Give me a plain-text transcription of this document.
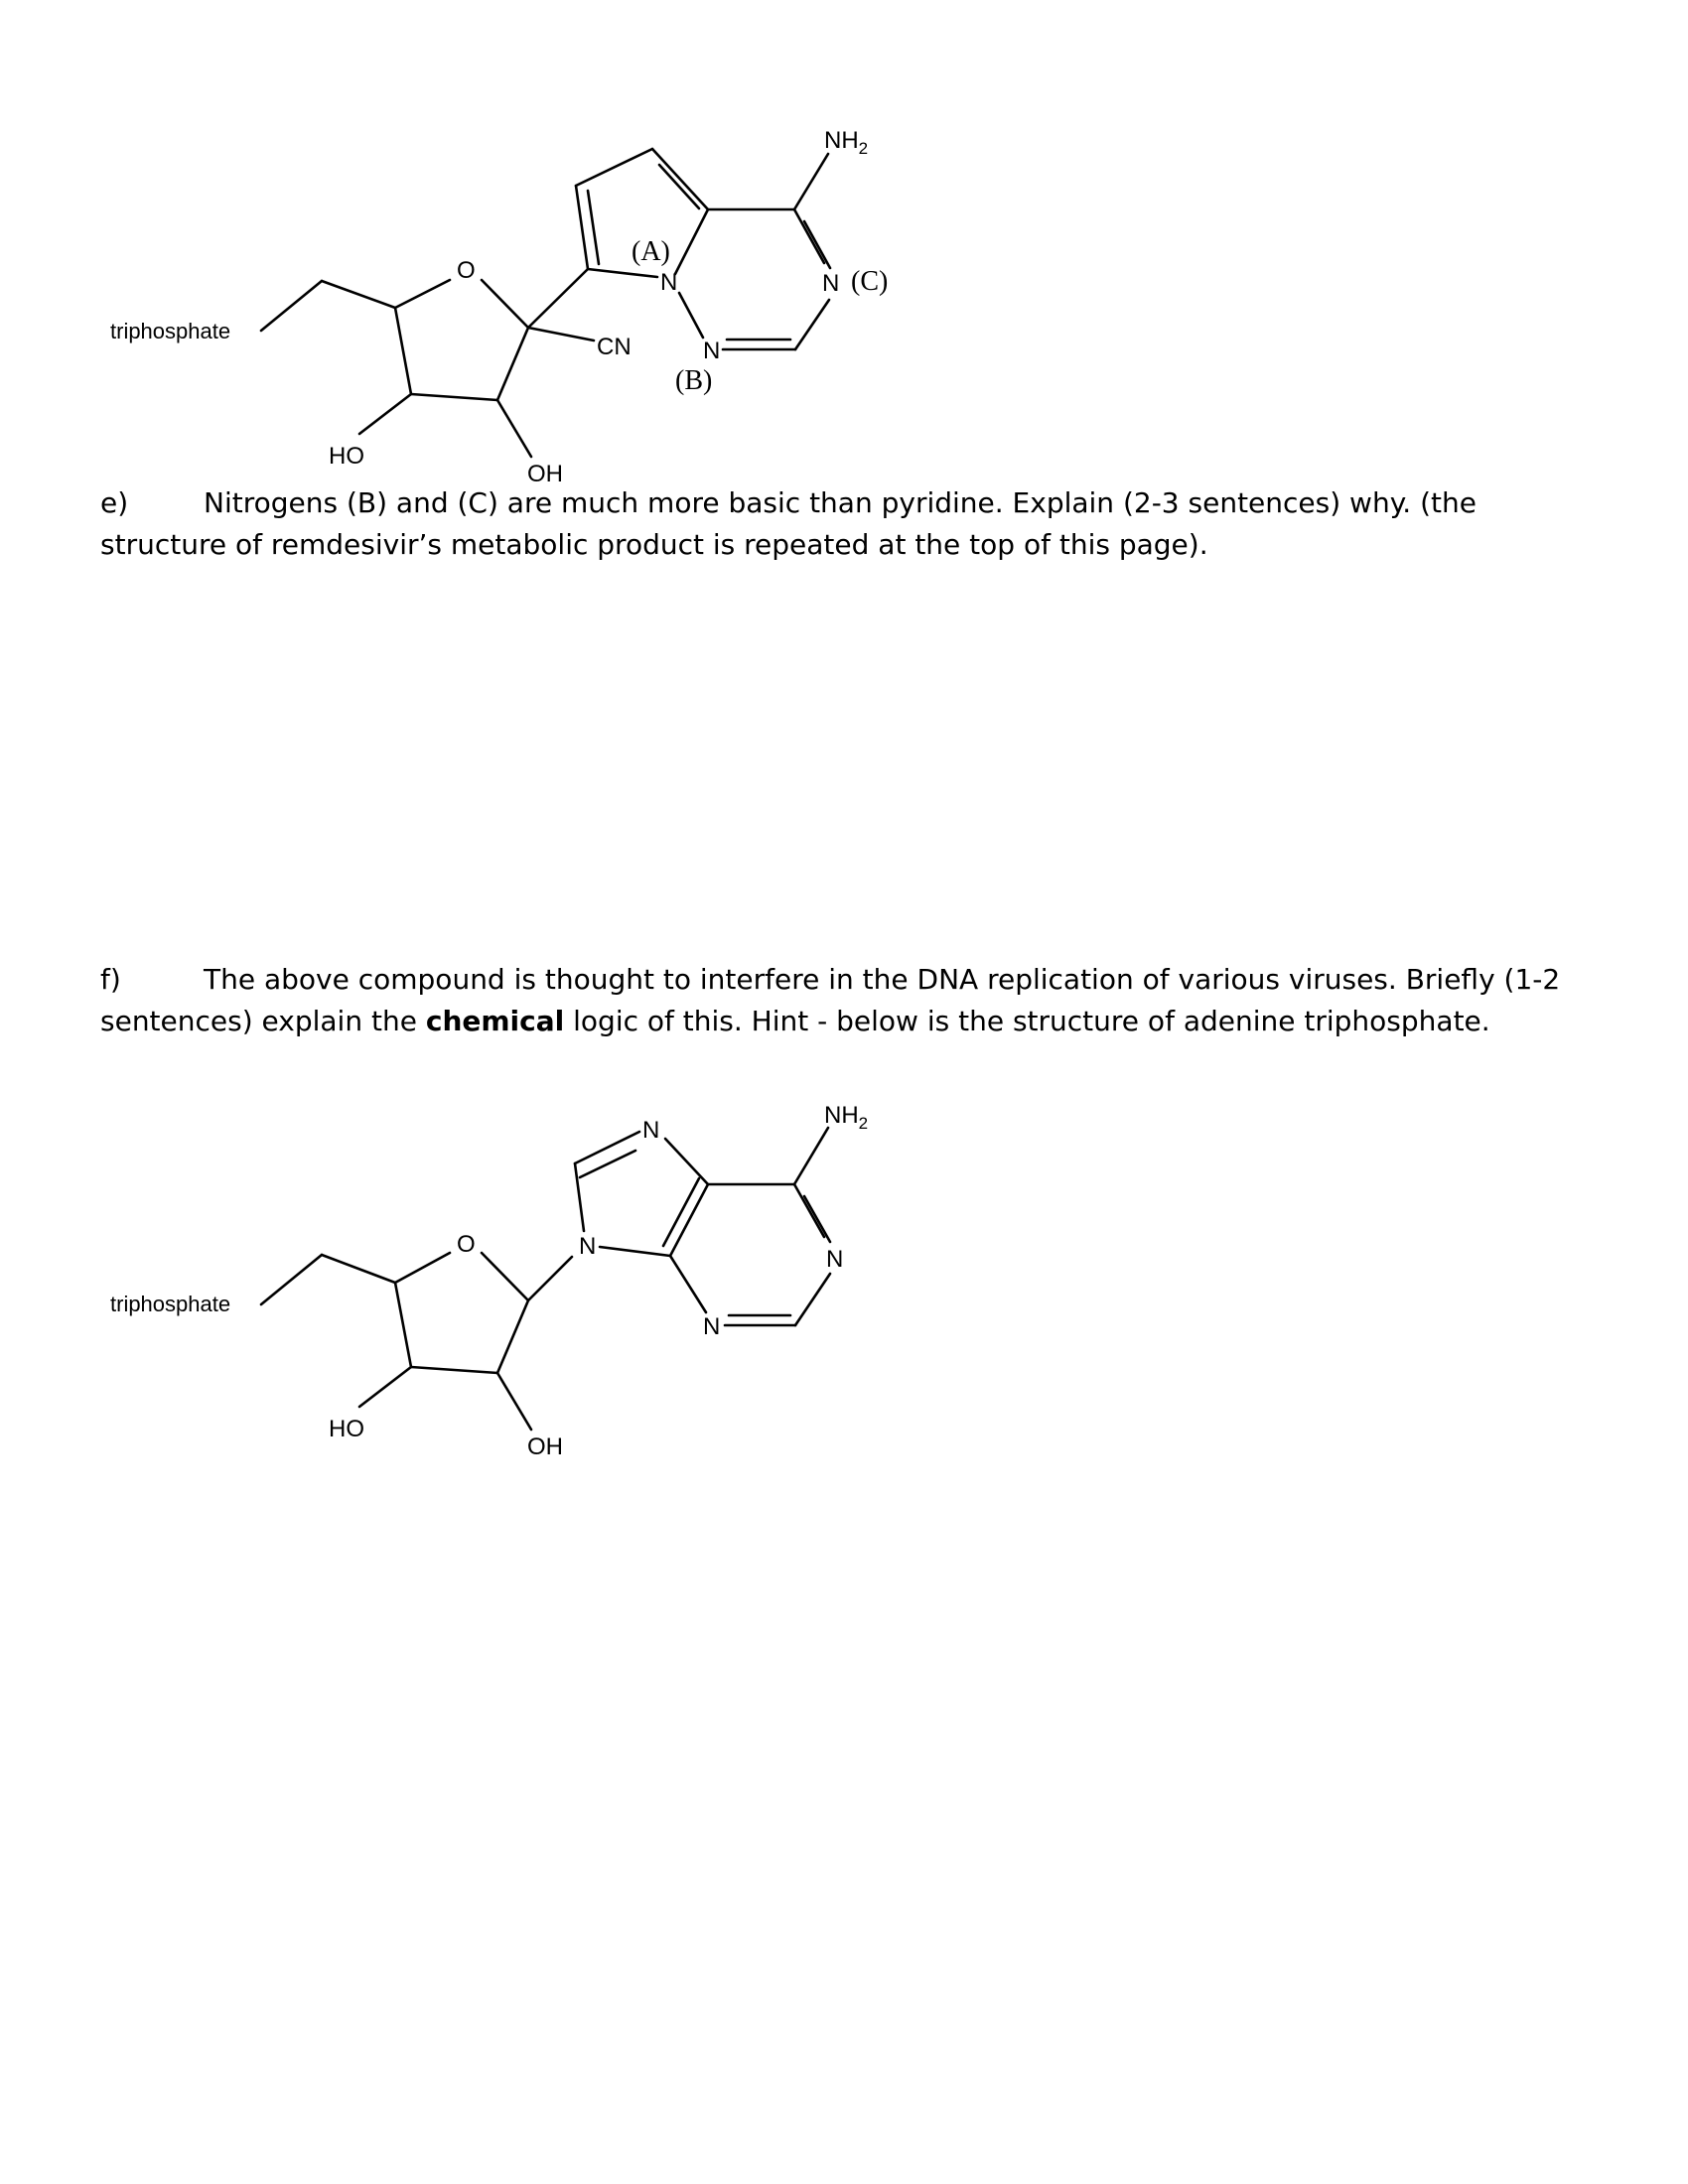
triphosphate
O
CN
HO
OH
$NH_2$
N
N
N
(A)
(B)
(C)
e)	Nitrogens (B) and (C) are much more basic than pyridine. Explain (2-3 sentences) why. (the structure of remdesivir’s metabolic product is repeated at the top of this page).
f)	The above compound is thought to interfere in the DNA replication of various viruses. Briefly (1-2 sentences) explain the chemical logic of this. Hint - below is the structure of adenine triphosphate.
triphosphate
O
HO
OH
$NH_2$
N
N	N
N
